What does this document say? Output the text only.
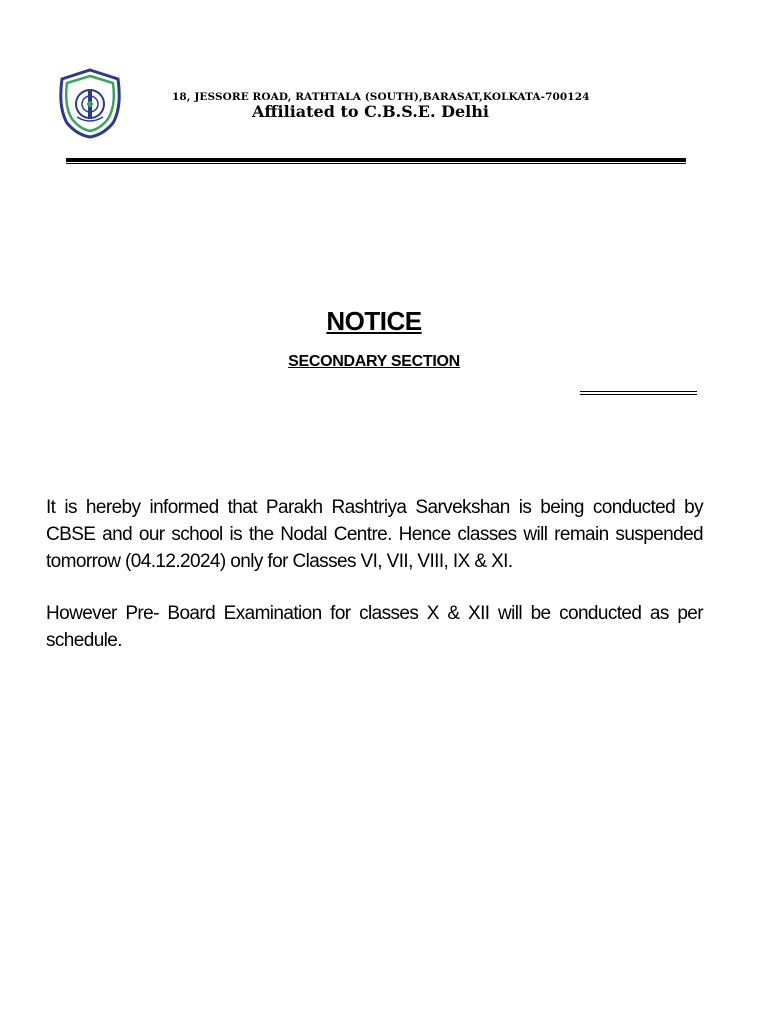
18, JESSORE ROAD, RATHTALA (SOUTH),BARASAT,KOLKATA-700124
Affiliated to C.B.S.E. Delhi
NOTICE
SECONDARY SECTION

It is hereby informed that Parakh Rashtriya Sarvekshan is being conducted by CBSE and our school is the Nodal Centre. Hence classes will remain suspended tomorrow (04.12.2024) only for Classes VI, VII, VIII, IX & XI.

However Pre- Board Examination for classes X & XII will be conducted as per schedule.
